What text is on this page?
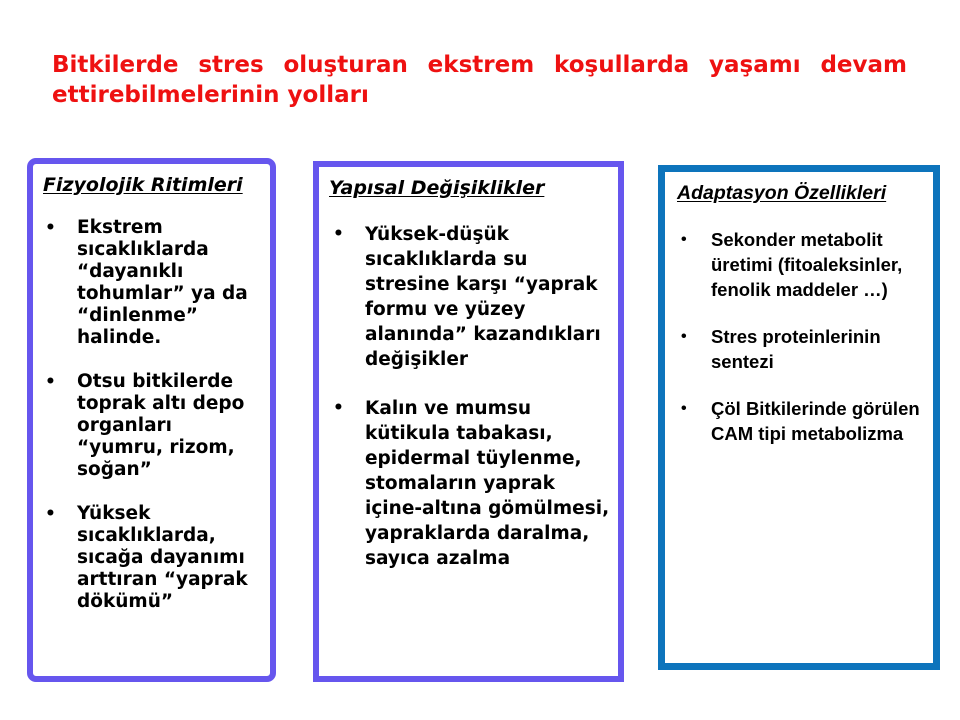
Bitkilerde stres oluşturan ekstrem koşullarda yaşamı devam
ettirebilmelerinin yolları
Fizyolojik Ritimleri
• Ekstrem sıcaklıklarda “dayanıklı tohumlar” ya da “dinlenme” halinde.
• Otsu bitkilerde toprak altı depo organları “yumru, rizom, soğan”
• Yüksek sıcaklıklarda, sıcağa dayanımı arttıran “yaprak dökümü”
Yapısal Değişiklikler
• Yüksek-düşük sıcaklıklarda su stresine karşı “yaprak formu ve yüzey alanında” kazandıkları değişikler
• Kalın ve mumsu kütikula tabakası, epidermal tüylenme, stomaların yaprak içine-altına gömülmesi, yapraklarda daralma, sayıca azalma
Adaptasyon Özellikleri
• Sekonder metabolit üretimi (fitoaleksinler, fenolik maddeler …)
• Stres proteinlerinin sentezi
• Çöl Bitkilerinde görülen CAM tipi metabolizma
